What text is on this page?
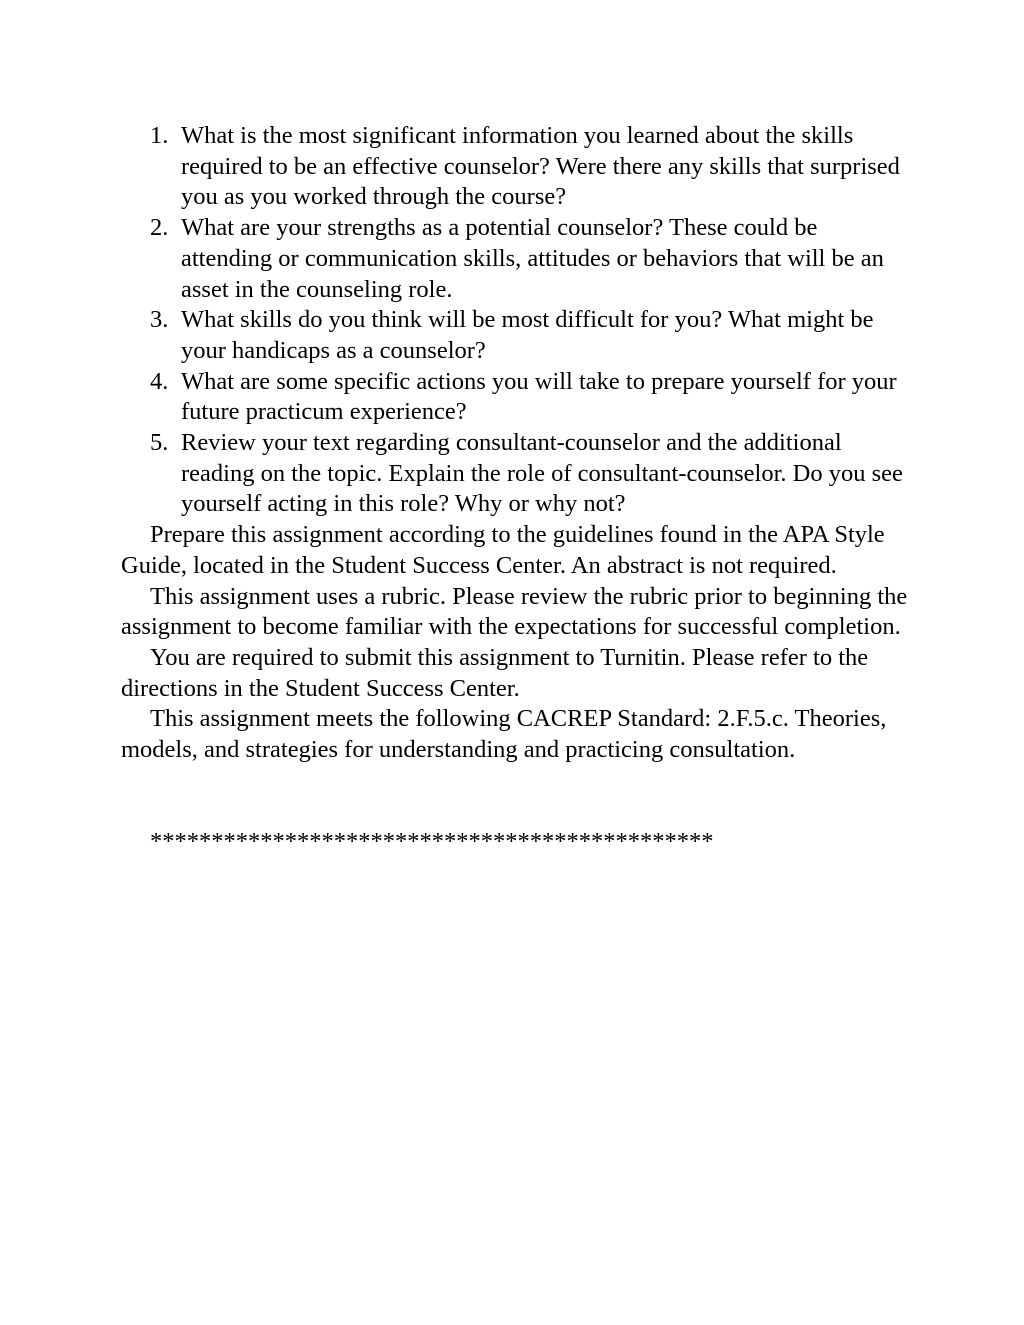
1. What is the most significant information you learned about the skills required to be an effective counselor? Were there any skills that surprised you as you worked through the course?
2. What are your strengths as a potential counselor? These could be attending or communication skills, attitudes or behaviors that will be an asset in the counseling role.
3. What skills do you think will be most difficult for you? What might be your handicaps as a counselor?
4. What are some specific actions you will take to prepare yourself for your future practicum experience?
5. Review your text regarding consultant-counselor and the additional reading on the topic. Explain the role of consultant-counselor. Do you see yourself acting in this role? Why or why not?

Prepare this assignment according to the guidelines found in the APA Style Guide, located in the Student Success Center. An abstract is not required.

This assignment uses a rubric. Please review the rubric prior to beginning the assignment to become familiar with the expectations for successful completion.

You are required to submit this assignment to Turnitin. Please refer to the directions in the Student Success Center.

This assignment meets the following CACREP Standard: 2.F.5.c. Theories, models, and strategies for understanding and practicing consultation.

**********************************************
